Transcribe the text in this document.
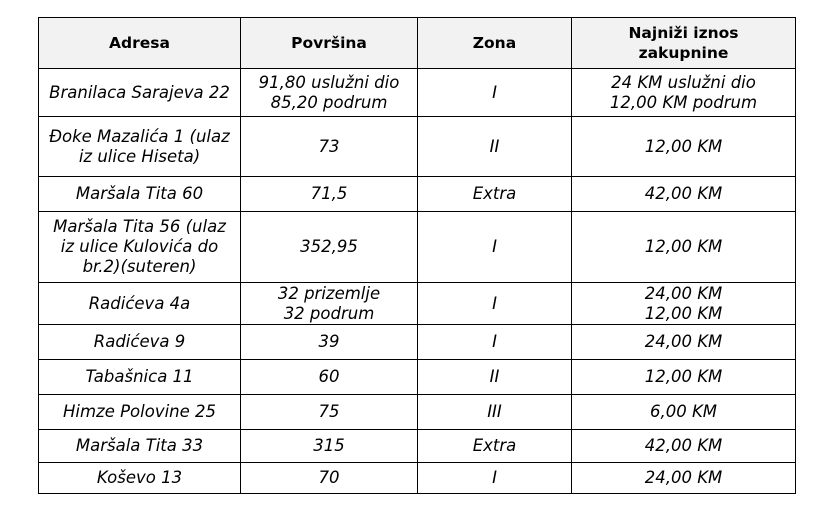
Adresa	Površina	Zona	Najniži iznos
zakupnine
Branilaca Sarajeva 22	91,80 uslužni dio
85,20 podrum	I	24 KM uslužni dio
12,00 KM podrum
Đoke Mazalića 1 (ulaz
iz ulice Hiseta)	73	II	12,00 KM
Maršala Tita 60	71,5	Extra	42,00 KM
Maršala Tita 56 (ulaz
iz ulice Kulovića do
br.2)(suteren)	352,95	I	12,00 KM
Radićeva 4a	32 prizemlje
32 podrum	I	24,00 KM
12,00 KM
Radićeva 9	39	I	24,00 KM
Tabašnica 11	60	II	12,00 KM
Himze Polovine 25	75	III	6,00 KM
Maršala Tita 33	315	Extra	42,00 KM
Koševo 13	70	I	24,00 KM
